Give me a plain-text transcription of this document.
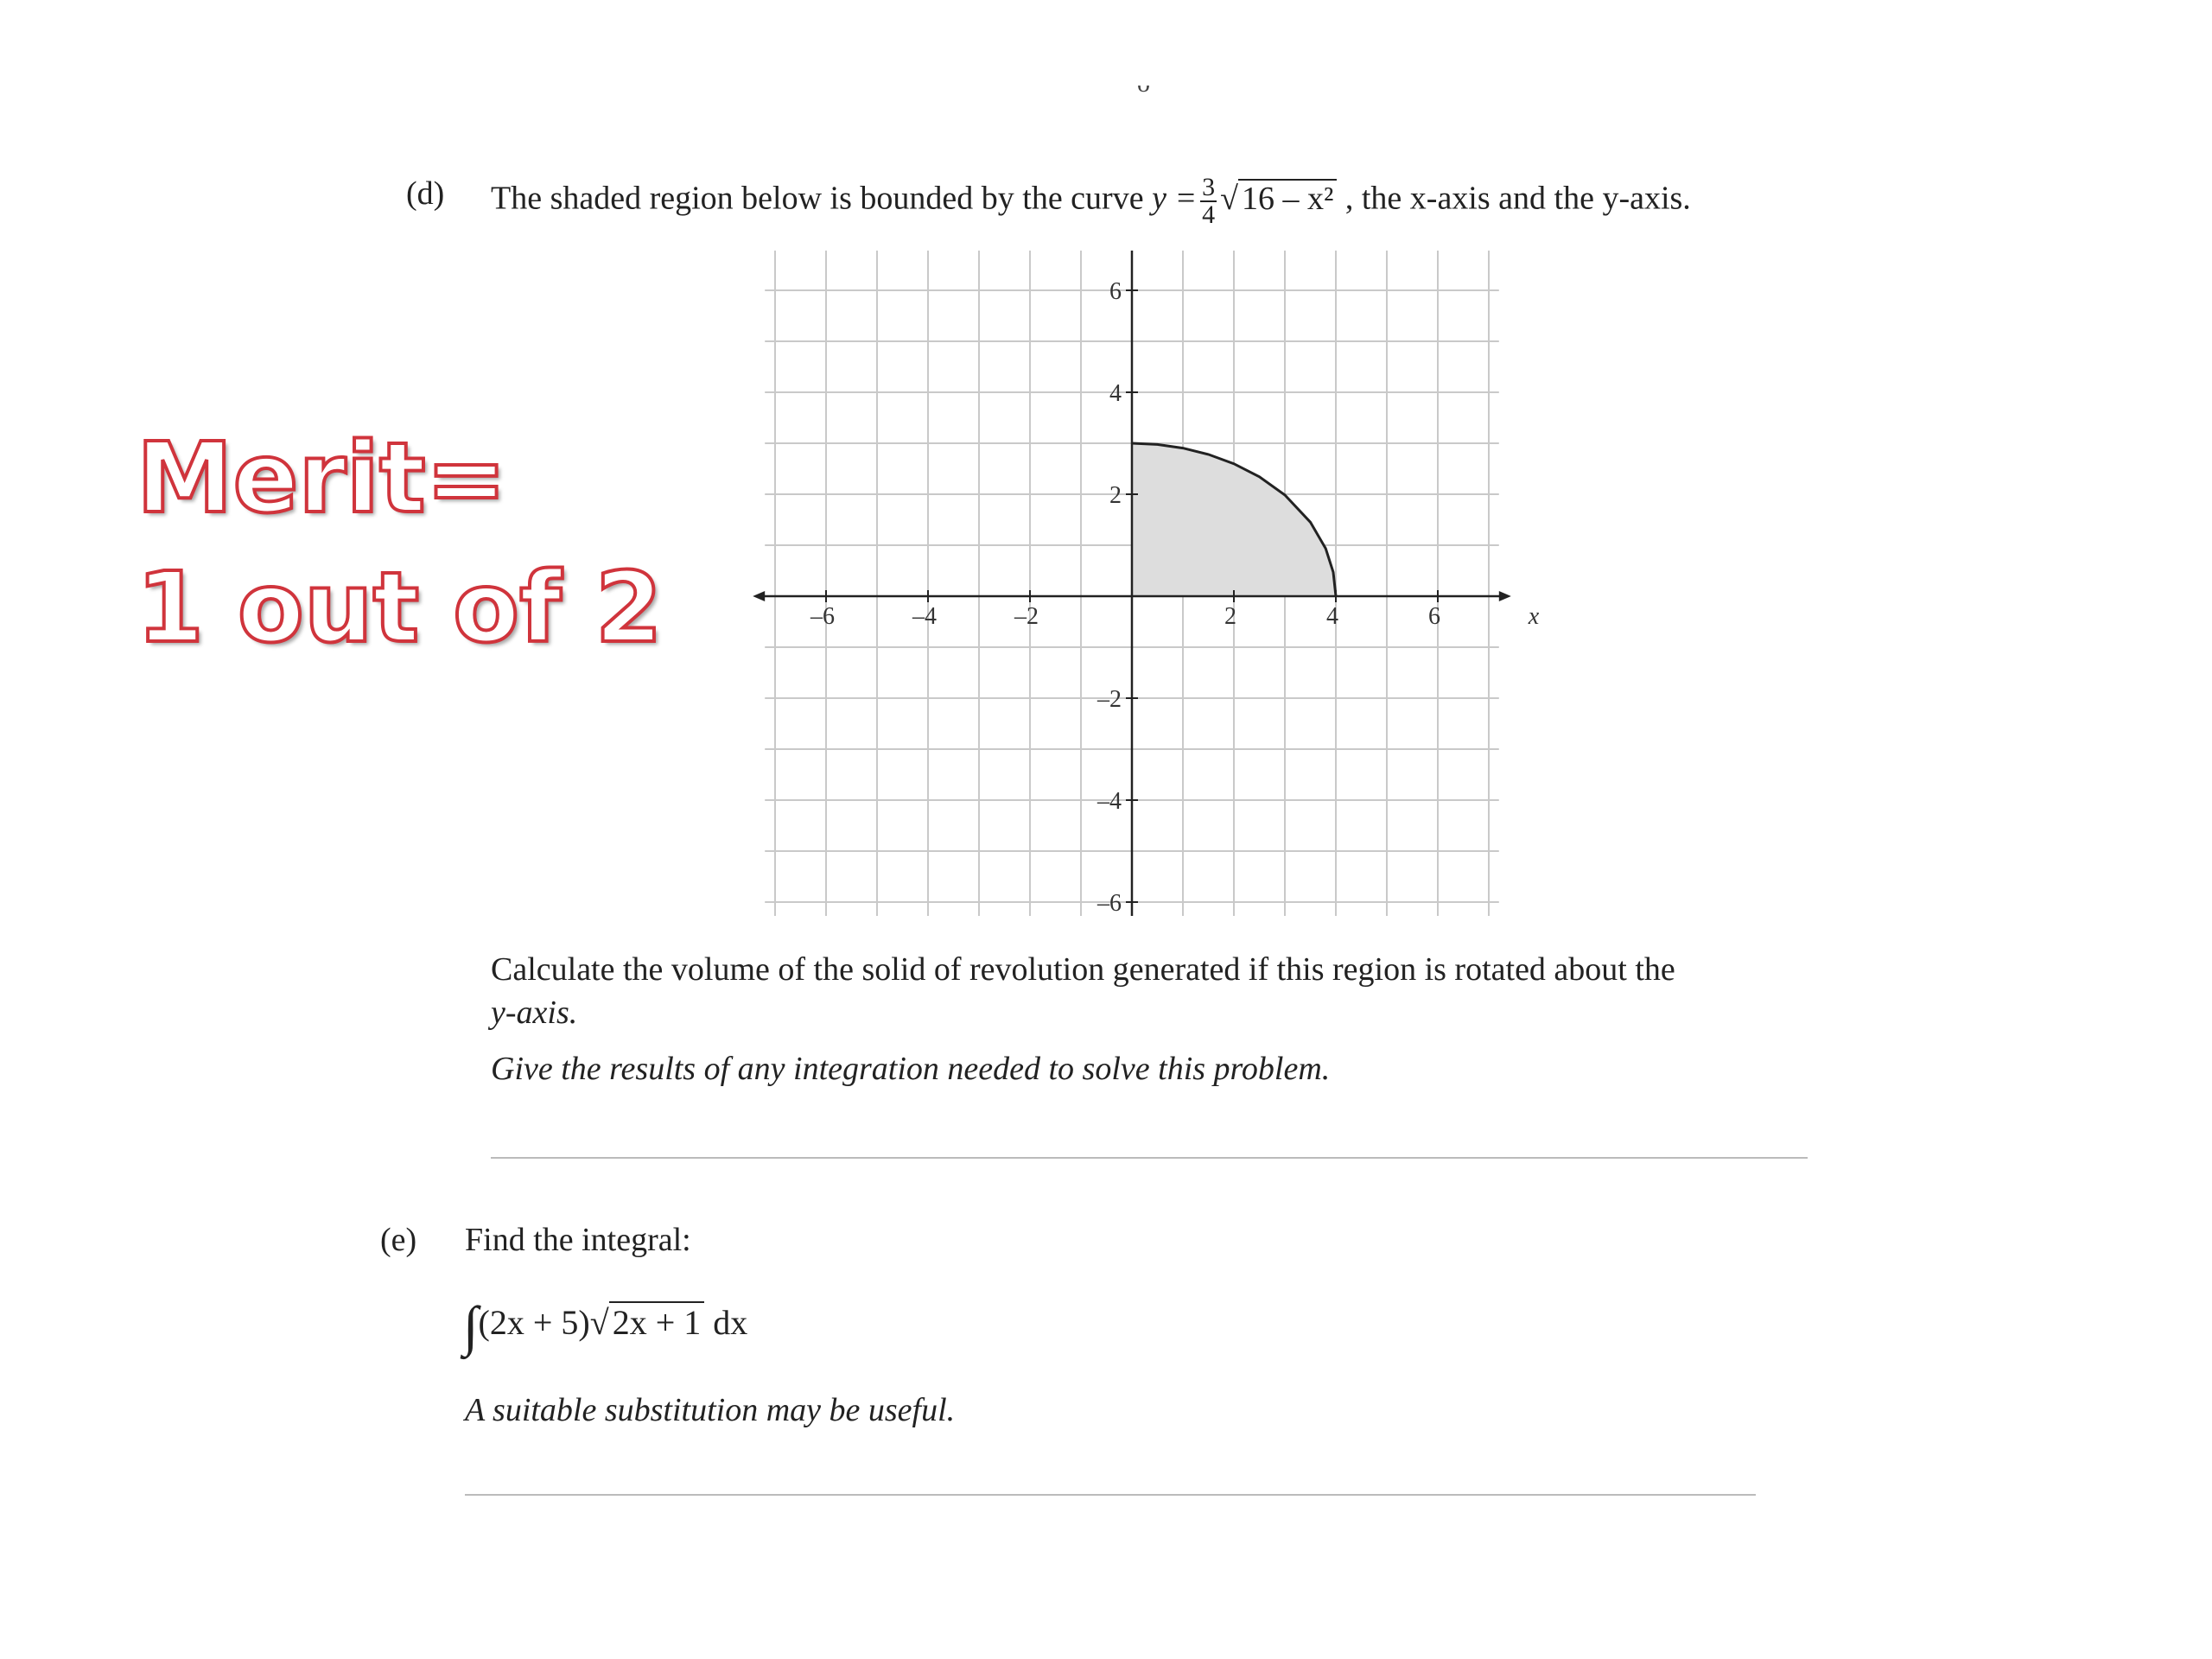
ᴗ
(d) The shaded region below is bounded by the curve $y = \frac{3}{4}$ √ 16 – x² , the x-axis and the y-axis.
Merit=
1 out of 2	–6	–4	–2	2	4	6
6
4
2
–2
–4
–6
x
Calculate the volume of the solid of revolution generated if this region is rotated about the
y-axis.
Give the results of any integration needed to solve this problem.
(e) Find the integral:
∫(2x + 5)√ 2x + 1 dx
A suitable substitution may be useful.
